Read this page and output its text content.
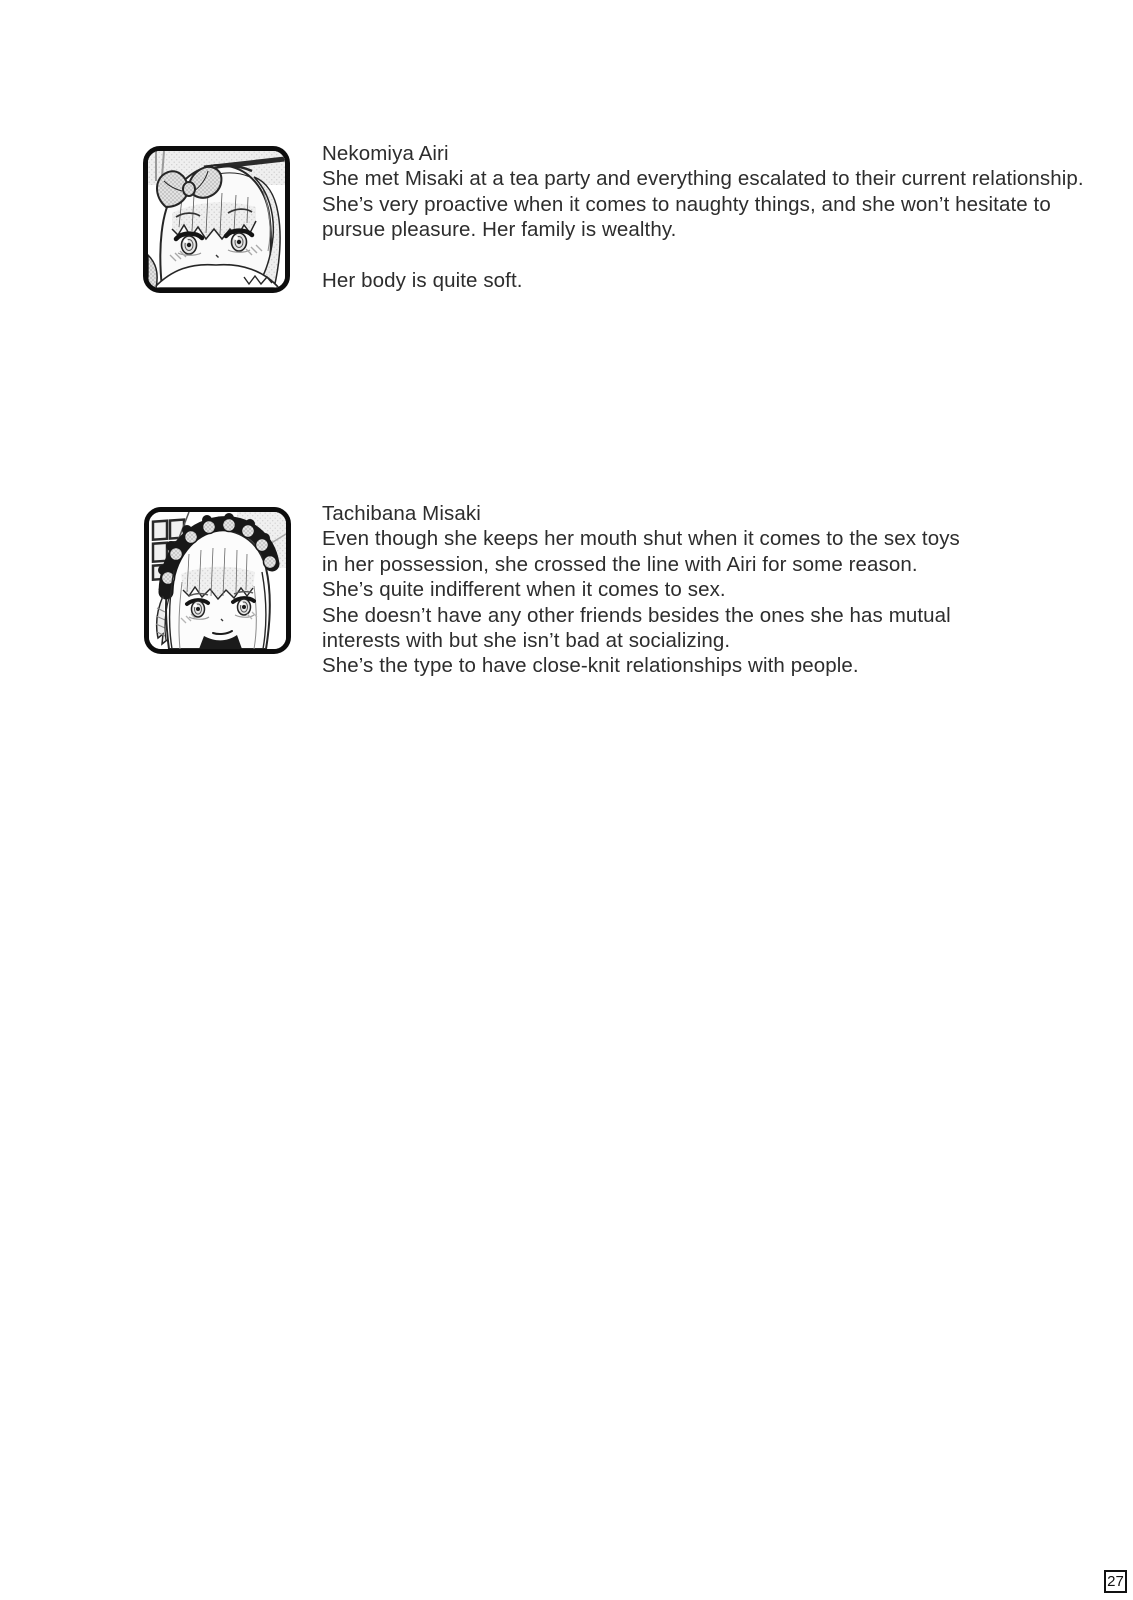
Nekomiya Airi
She met Misaki at a tea party and everything escalated to their current relationship.
She’s very proactive when it comes to naughty things, and she won’t hesitate to
pursue pleasure. Her family is wealthy.
Her body is quite soft.
Tachibana Misaki
Even though she keeps her mouth shut when it comes to the sex toys
in her possession, she crossed the line with Airi for some reason.
She’s quite indifferent when it comes to sex.
She doesn’t have any other friends besides the ones she has mutual
interests with but she isn’t bad at socializing.
She’s the type to have close-knit relationships with people.
27
